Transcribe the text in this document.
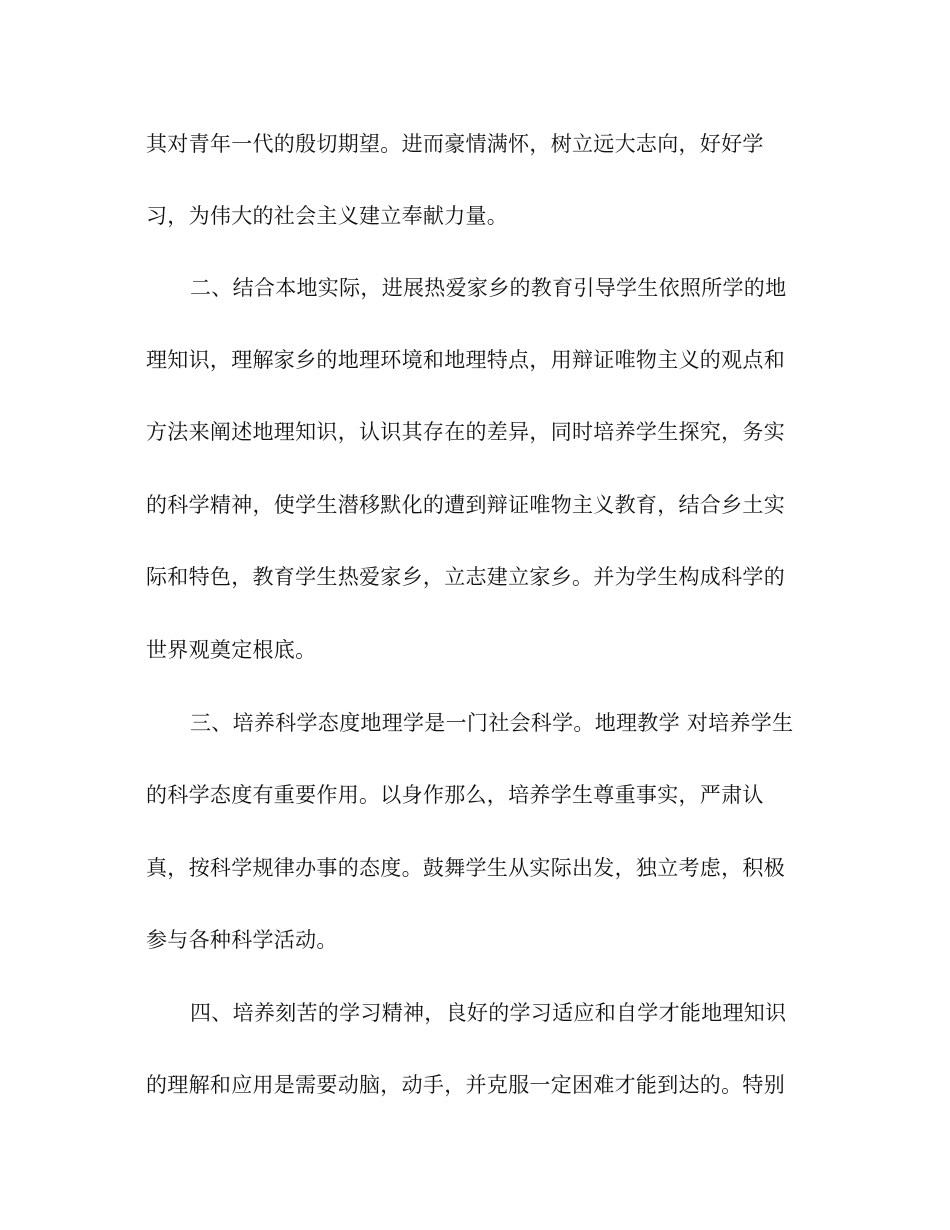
其对青年一代的殷切期望。进而豪情满怀，树立远大志向，好好学
习，为伟大的社会主义建立奉献力量。
二、结合本地实际，进展热爱家乡的教育引导学生依照所学的地
理知识，理解家乡的地理环境和地理特点，用辩证唯物主义的观点和
方法来阐述地理知识，认识其存在的差异，同时培养学生探究，务实
的科学精神，使学生潜移默化的遭到辩证唯物主义教育，结合乡土实
际和特色，教育学生热爱家乡，立志建立家乡。并为学生构成科学的
世界观奠定根底。
三、培养科学态度地理学是一门社会科学。地理教学 对培养学生
的科学态度有重要作用。以身作那么，培养学生尊重事实，严肃认
真，按科学规律办事的态度。鼓舞学生从实际出发，独立考虑，积极
参与各种科学活动。
四、培养刻苦的学习精神，良好的学习适应和自学才能地理知识
的理解和应用是需要动脑，动手，并克服一定困难才能到达的。特别
